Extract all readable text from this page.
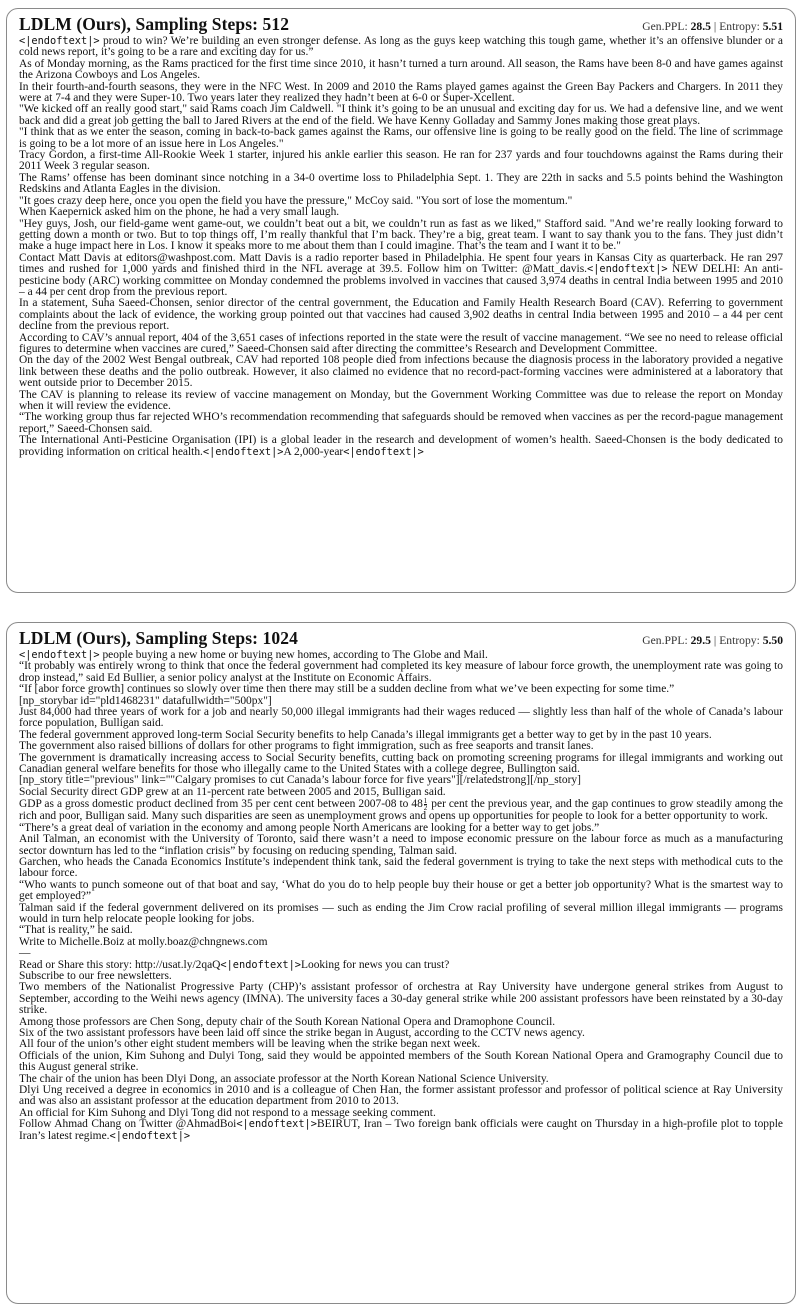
LDLM (Ours), Sampling Steps: 512	Gen.PPL: 28.5 | Entropy: 5.51

<|endoftext|> proud to win? We’re building an even stronger defense. As long as the guys keep watching this tough game, whether it’s an offensive blunder or a cold news report, it’s going to be a rare and exciting day for us.”

As of Monday morning, as the Rams practiced for the first time since 2010, it hasn’t turned a turn around. All season, the Rams have been 8-0 and have games against the Arizona Cowboys and Los Angeles.

In their fourth-and-fourth seasons, they were in the NFC West. In 2009 and 2010 the Rams played games against the Green Bay Packers and Chargers. In 2011 they were at 7-4 and they were Super-10. Two years later they realized they hadn’t been at 6-0 or Super-Xcellent.

"We kicked off an really good start," said Rams coach Jim Caldwell. "I think it’s going to be an unusual and exciting day for us. We had a defensive line, and we went back and did a great job getting the ball to Jared Rivers at the end of the field. We have Kenny Golladay and Sammy Jones making those great plays.

"I think that as we enter the season, coming in back-to-back games against the Rams, our offensive line is going to be really good on the field. The line of scrimmage is going to be a lot more of an issue here in Los Angeles."

Tracy Gordon, a first-time All-Rookie Week 1 starter, injured his ankle earlier this season. He ran for 237 yards and four touchdowns against the Rams during their 2011 Week 3 regular season.

The Rams’ offense has been dominant since notching in a 34-0 overtime loss to Philadelphia Sept. 1. They are 22th in sacks and 5.5 points behind the Washington Redskins and Atlanta Eagles in the division.

"It goes crazy deep here, once you open the field you have the pressure," McCoy said. "You sort of lose the momentum."

When Kaepernick asked him on the phone, he had a very small laugh.

"Hey guys, Josh, our field-game went game-out, we couldn’t beat out a bit, we couldn’t run as fast as we liked," Stafford said. "And we’re really looking forward to getting down a month or two. But to top things off, I’m really thankful that I’m back. They’re a big, great team. I want to say thank you to the fans. They just didn’t make a huge impact here in Los. I know it speaks more to me about them than I could imagine. That’s the team and I want it to be."

Contact Matt Davis at editors@washpost.com. Matt Davis is a radio reporter based in Philadelphia. He spent four years in Kansas City as quarterback. He ran 297 times and rushed for 1,000 yards and finished third in the NFL average at 39.5. Follow him on Twitter: @Matt_davis.<|endoftext|> NEW DELHI: An anti-pesticine body (ARC) working committee on Monday condemned the problems involved in vaccines that caused 3,974 deaths in central India between 1995 and 2010 – a 44 per cent drop from the previous report.

In a statement, Suha Saeed-Chonsen, senior director of the central government, the Education and Family Health Research Board (CAV). Referring to government complaints about the lack of evidence, the working group pointed out that vaccines had caused 3,902 deaths in central India between 1995 and 2010 – a 44 per cent decline from the previous report.

According to CAV’s annual report, 404 of the 3,651 cases of infections reported in the state were the result of vaccine management. “We see no need to release official figures to determine when vaccines are cured,” Saeed-Chonsen said after directing the committee’s Research and Development Committee.

On the day of the 2002 West Bengal outbreak, CAV had reported 108 people died from infections because the diagnosis process in the laboratory provided a negative link between these deaths and the polio outbreak. However, it also claimed no evidence that no record-pact-forming vaccines were administered at a laboratory that went outside prior to December 2015.

The CAV is planning to release its review of vaccine management on Monday, but the Government Working Committee was due to release the report on Monday when it will review the evidence.

“The working group thus far rejected WHO’s recommendation recommending that safeguards should be removed when vaccines as per the record-pague management report,” Saeed-Chonsen said.

The International Anti-Pesticine Organisation (IPI) is a global leader in the research and development of women’s health. Saeed-Chonsen is the body dedicated to providing information on critical health.<|endoftext|>A 2,000-year<|endoftext|>

LDLM (Ours), Sampling Steps: 1024	Gen.PPL: 29.5 | Entropy: 5.50

<|endoftext|> people buying a new home or buying new homes, according to The Globe and Mail.

“It probably was entirely wrong to think that once the federal government had completed its key measure of labour force growth, the unemployment rate was going to drop instead,” said Ed Bullier, a senior policy analyst at the Institute on Economic Affairs.

“If [abor force growth] continues so slowly over time then there may still be a sudden decline from what we’ve been expecting for some time.”

[np_storybar id="pld1468231" datafullwidth="500px"]

Just 84,000 had three years of work for a job and nearly 50,000 illegal immigrants had their wages reduced — slightly less than half of the whole of Canada’s labour force population, Bulligan said.

The federal government approved long-term Social Security benefits to help Canada’s illegal immigrants get a better way to get by in the past 10 years.

The government also raised billions of dollars for other programs to fight immigration, such as free seaports and transit lanes.

The government is dramatically increasing access to Social Security benefits, cutting back on promoting screening programs for illegal immigrants and working out Canadian general welfare benefits for those who illegally came to the United States with a college degree, Bullington said.

[np_story title="previous" link=""Calgary promises to cut Canada’s labour force for five years"][/relatedstrong][/np_story]

Social Security direct GDP grew at an 11-percent rate between 2005 and 2015, Bulligan said.

GDP as a gross domestic product declined from 35 per cent cent between 2007-08 to $48 \frac{1}{2}$ per cent the previous year, and the gap continues to grow steadily among the rich and poor, Bulligan said. Many such disparities are seen as unemployment grows and opens up opportunities for people to look for a better opportunity to work.

“There’s a great deal of variation in the economy and among people North Americans are looking for a better way to get jobs.”

Anil Talman, an economist with the University of Toronto, said there wasn’t a need to impose economic pressure on the labour force as much as a manufacturing sector downturn has led to the “inflation crisis” by focusing on reducing spending, Talman said.

Garchen, who heads the Canada Economics Institute’s independent think tank, said the federal government is trying to take the next steps with methodical cuts to the labour force.

“Who wants to punch someone out of that boat and say, ‘What do you do to help people buy their house or get a better job opportunity? What is the smartest way to get employed?”

Talman said if the federal government delivered on its promises — such as ending the Jim Crow racial profiling of several million illegal immigrants — programs would in turn help relocate people looking for jobs.

“That is reality,” he said.

Write to Michelle.Boiz at molly.boaz@chngnews.com

—

Read or Share this story: http://usat.ly/2qaQ<|endoftext|>Looking for news you can trust?

Subscribe to our free newsletters.

Two members of the Nationalist Progressive Party (CHP)’s assistant professor of orchestra at Ray University have undergone general strikes from August to September, according to the Weihi news agency (IMNA). The university faces a 30-day general strike while 200 assistant professors have been reinstated by a 30-day strike.

Among those professors are Chen Song, deputy chair of the South Korean National Opera and Dramophone Council.

Six of the two assistant professors have been laid off since the strike began in August, according to the CCTV news agency.

All four of the union’s other eight student members will be leaving when the strike began next week.

Officials of the union, Kim Suhong and Dulyi Tong, said they would be appointed members of the South Korean National Opera and Gramography Council due to this August general strike.

The chair of the union has been Dlyi Dong, an associate professor at the North Korean National Science University.

Dlyi Ung received a degree in economics in 2010 and is a colleague of Chen Han, the former assistant professor and professor of political science at Ray University and was also an assistant professor at the education department from 2010 to 2013.

An official for Kim Suhong and Dlyi Tong did not respond to a message seeking comment.

Follow Ahmad Chang on Twitter @AhmadBoi<|endoftext|>BEIRUT, Iran – Two foreign bank officials were caught on Thursday in a high-profile plot to topple Iran’s latest regime.<|endoftext|>
